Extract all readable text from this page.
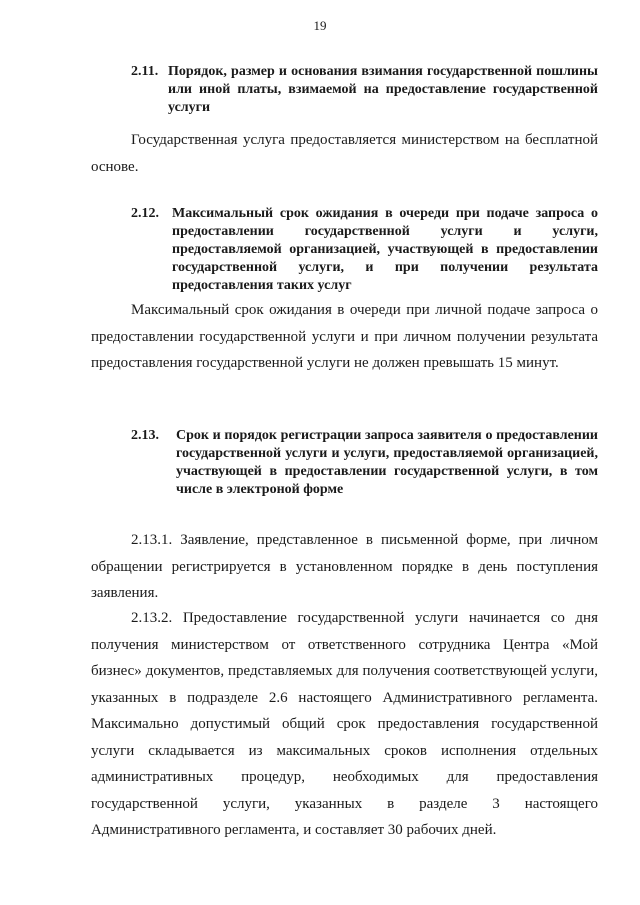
19
2.11. Порядок, размер и основания взимания государственной пошлины или иной платы, взимаемой на предоставление государственной услуги

Государственная услуга предоставляется министерством на бесплатной основе.

2.12. Максимальный срок ожидания в очереди при подаче запроса о предоставлении государственной услуги и услуги, предоставляемой организацией, участвующей в предоставлении государственной услуги, и при получении результата предоставления таких услуг

Максимальный срок ожидания в очереди при личной подаче запроса о предоставлении государственной услуги и при личном получении результата предоставления государственной услуги не должен превышать 15 минут.

2.13.	Срок и порядок регистрации запроса заявителя о предоставлении государственной услуги и услуги, предоставляемой организацией, участвующей в предоставлении государственной услуги, в том числе в электроной форме

2.13.1. Заявление, представленное в письменной форме, при личном обращении регистрируется в установленном порядке в день поступления заявления.

2.13.2. Предоставление государственной услуги начинается со дня получения министерством от ответственного сотрудника Центра «Мой бизнес» документов, представляемых для получения соответствующей услуги, указанных в подразделе 2.6 настоящего Административного регламента. Максимально допустимый общий срок предоставления государственной услуги складывается из максимальных сроков исполнения отдельных административных процедур, необходимых для предоставления государственной услуги, указанных в разделе 3 настоящего Административного регламента, и составляет 30 рабочих дней.
